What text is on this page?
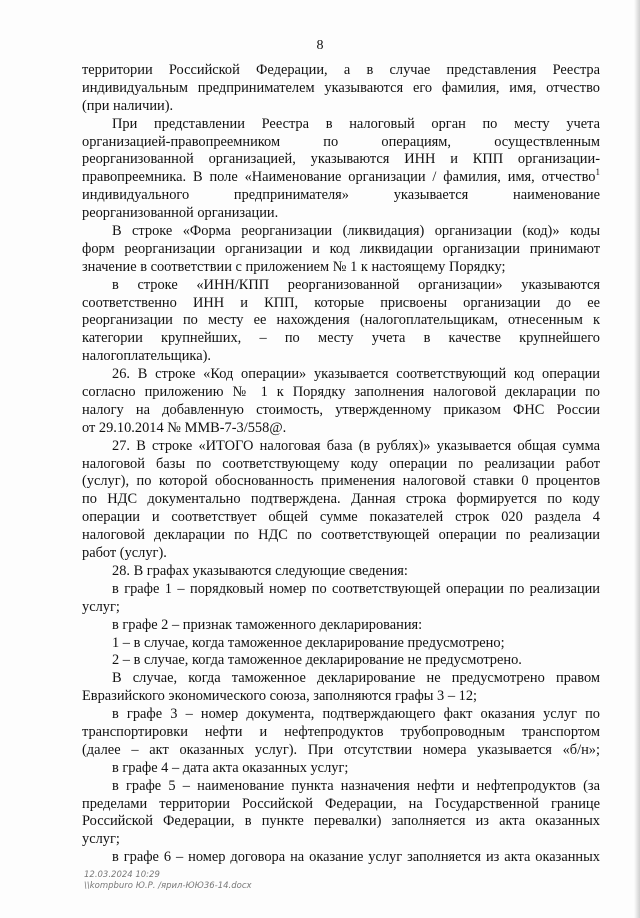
8
территории Российской Федерации, а в случае представления Реестра
индивидуальным предпринимателем указываются его фамилия, имя, отчество
(при наличии).
При представлении Реестра в налоговый орган по месту учета
организацией-правопреемником по операциям, осуществленным
реорганизованной организацией, указываются ИНН и КПП организации-
правопреемника. В поле «Наименование организации / фамилия, имя, отчество$^1$
индивидуального предпринимателя» указывается наименование
реорганизованной организации.
В строке «Форма реорганизации (ликвидация) организации (код)» коды
форм реорганизации организации и код ликвидации организации принимают
значение в соответствии с приложением № 1 к настоящему Порядку;
в строке «ИНН/КПП реорганизованной организации» указываются
соответственно ИНН и КПП, которые присвоены организации до ее
реорганизации по месту ее нахождения (налогоплательщикам, отнесенным к
категории крупнейших, – по месту учета в качестве крупнейшего
налогоплательщика).
26. В строке «Код операции» указывается соответствующий код операции
согласно приложению № 1 к Порядку заполнения налоговой декларации по
налогу на добавленную стоимость, утвержденному приказом ФНС России
от 29.10.2014 № ММВ-7-3/558@.
27. В строке «ИТОГО налоговая база (в рублях)» указывается общая сумма
налоговой базы по соответствующему коду операции по реализации работ
(услуг), по которой обоснованность применения налоговой ставки 0 процентов
по НДС документально подтверждена. Данная строка формируется по коду
операции и соответствует общей сумме показателей строк 020 раздела 4
налоговой декларации по НДС по соответствующей операции по реализации
работ (услуг).
28. В графах указываются следующие сведения:
в графе 1 – порядковый номер по соответствующей операции по реализации
услуг;
в графе 2 – признак таможенного декларирования:
1 – в случае, когда таможенное декларирование предусмотрено;
2 – в случае, когда таможенное декларирование не предусмотрено.
В случае, когда таможенное декларирование не предусмотрено правом
Евразийского экономического союза, заполняются графы 3 – 12;
в графе 3 – номер документа, подтверждающего факт оказания услуг по
транспортировки нефти и нефтепродуктов трубопроводным транспортом
(далее – акт оказанных услуг). При отсутствии номера указывается «б/н»;
в графе 4 – дата акта оказанных услуг;
в графе 5 – наименование пункта назначения нефти и нефтепродуктов (за
пределами территории Российской Федерации, на Государственной границе
Российской Федерации, в пункте перевалки) заполняется из акта оказанных
услуг;
в графе 6 – номер договора на оказание услуг заполняется из акта оказанных
12.03.2024 10:29
\\kompburo Ю.Р. /ярил-ЮЮ36-14.docx
